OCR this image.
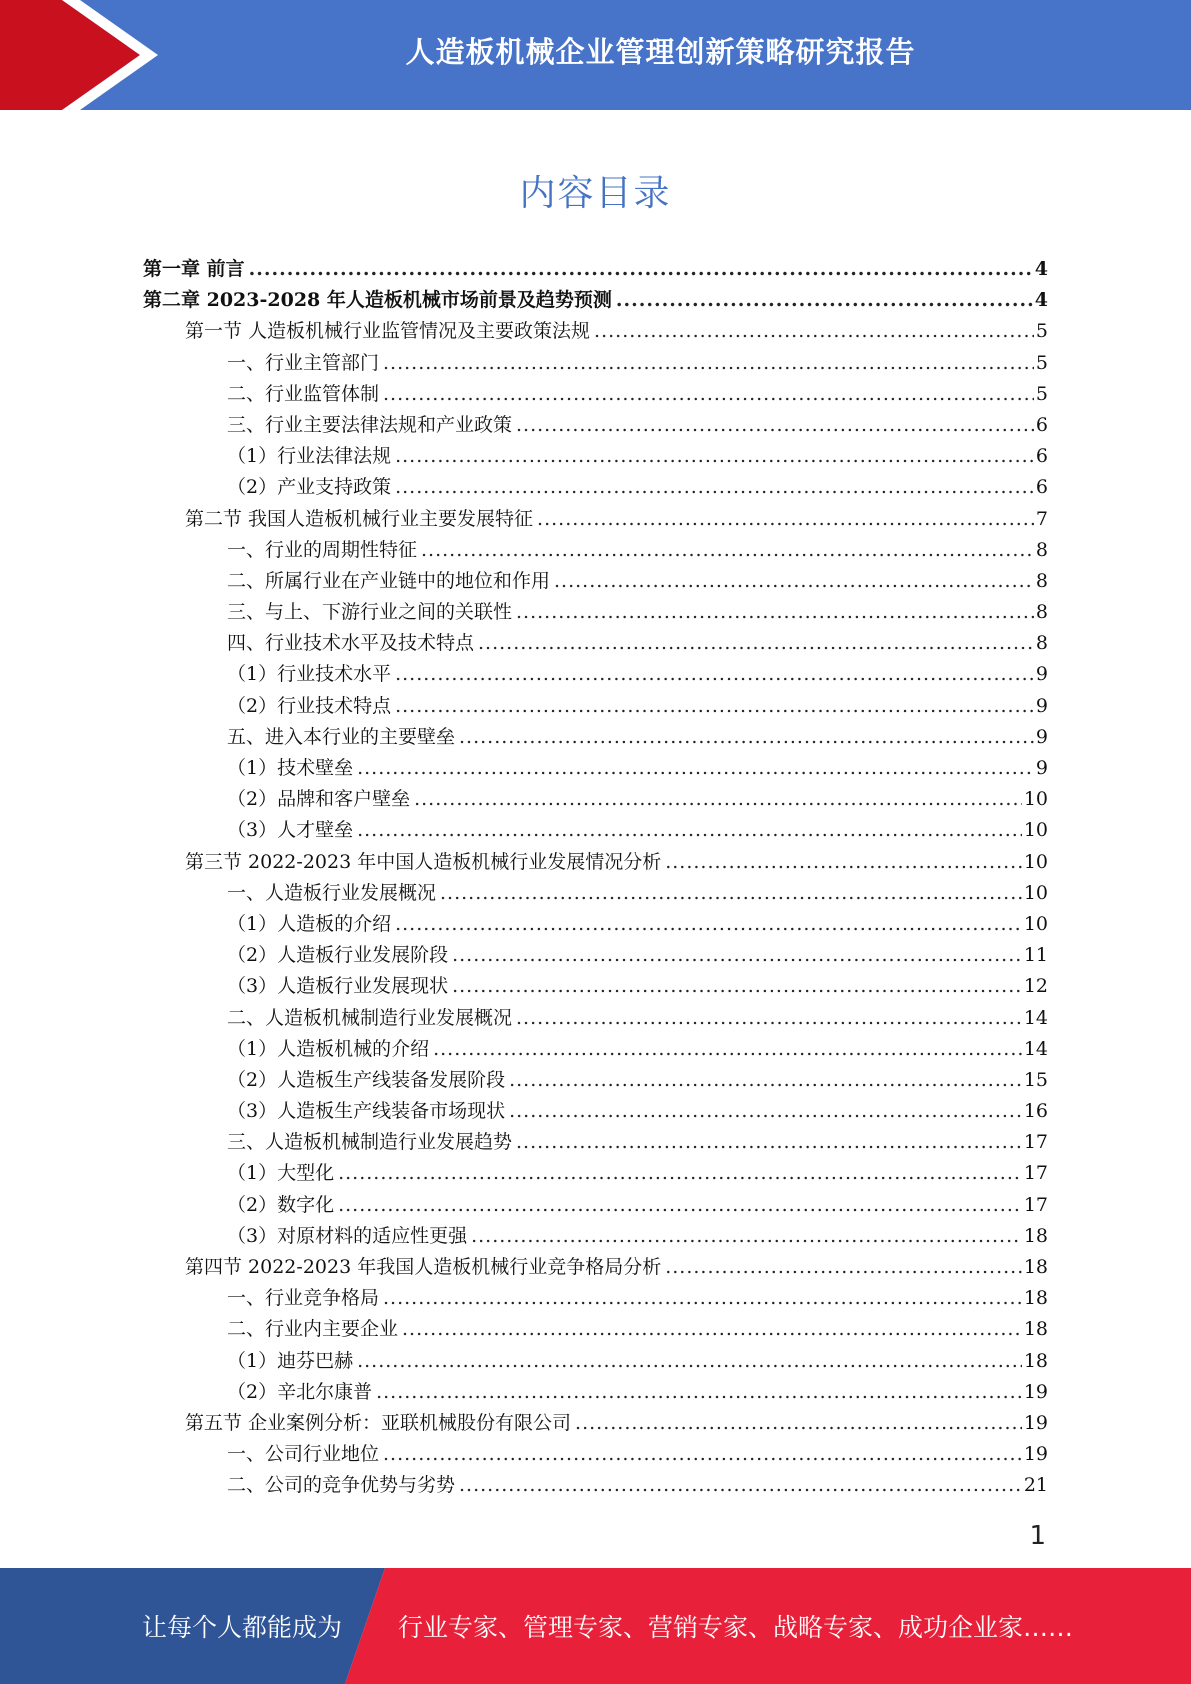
人造板机械企业管理创新策略研究报告
内容目录
第一章 前言 .....	4
第二章 2023-2028 年人造板机械市场前景及趋势预测 .....	4
第一节 人造板机械行业监管情况及主要政策法规 .....	5
一、行业主管部门 .....	5
二、行业监管体制 .....	5
三、行业主要法律法规和产业政策 .....	6
（1）行业法律法规 .....	6
（2）产业支持政策 .....	6
第二节 我国人造板机械行业主要发展特征 .....	7
一、行业的周期性特征 .....	8
二、所属行业在产业链中的地位和作用 .....	8
三、与上、下游行业之间的关联性 .....	8
四、行业技术水平及技术特点 .....	8
（1）行业技术水平 .....	9
（2）行业技术特点 .....	9
五、进入本行业的主要壁垒 .....	9
（1）技术壁垒 .....	9
（2）品牌和客户壁垒 .....	10
（3）人才壁垒 .....	10
第三节 2022-2023 年中国人造板机械行业发展情况分析 .....	10
一、人造板行业发展概况 .....	10
（1）人造板的介绍 .....	10
（2）人造板行业发展阶段 .....	11
（3）人造板行业发展现状 .....	12
二、人造板机械制造行业发展概况 .....	14
（1）人造板机械的介绍 .....	14
（2）人造板生产线装备发展阶段 .....	15
（3）人造板生产线装备市场现状 .....	16
三、人造板机械制造行业发展趋势 .....	17
（1）大型化 .....	17
（2）数字化 .....	17
（3）对原材料的适应性更强 .....	18
第四节 2022-2023 年我国人造板机械行业竞争格局分析 .....	18
一、行业竞争格局 .....	18
二、行业内主要企业 .....	18
（1）迪芬巴赫 .....	18
（2）辛北尔康普 .....	19
第五节 企业案例分析：亚联机械股份有限公司 .....	19
一、公司行业地位 .....	19
二、公司的竞争优势与劣势 .....	21
1
让每个人都能成为 行业专家、管理专家、营销专家、战略专家、成功企业家……
